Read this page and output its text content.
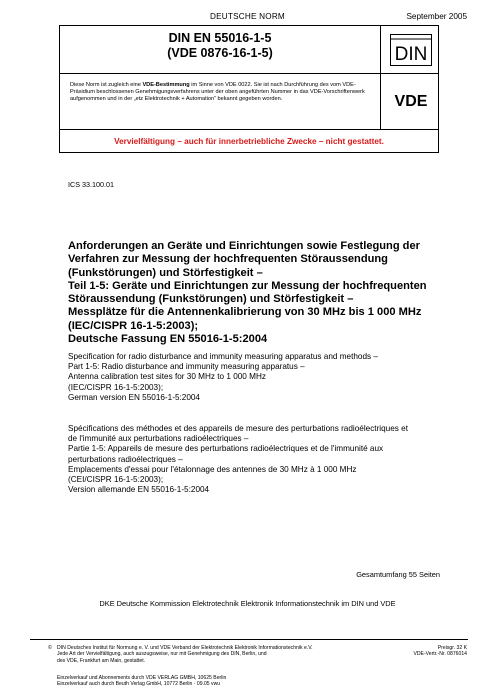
DEUTSCHE NORM	September 2005
DIN EN 55016-1-5
(VDE 0876-16-1-5)	DIN
Diese Norm ist zugleich eine VDE-Bestimmung im Sinne von VDE 0022. Sie ist nach Durchführung des vom VDE-Präsidium beschlossenen Genehmigungsverfahrens unter der oben angeführten Nummer in das VDE-Vorschriftenwerk aufgenommen und in der „etz Elektrotechnik + Automation“ bekannt gegeben worden.	VDE
Vervielfältigung – auch für innerbetriebliche Zwecke – nicht gestattet.
ICS 33.100.01
Anforderungen an Geräte und Einrichtungen sowie Festlegung der
Verfahren zur Messung der hochfrequenten Störaussendung
(Funkstörungen) und Störfestigkeit –
Teil 1-5: Geräte und Einrichtungen zur Messung der hochfrequenten
Störaussendung (Funkstörungen) und Störfestigkeit –
Messplätze für die Antennenkalibrierung von 30 MHz bis 1 000 MHz
(IEC/CISPR 16-1-5:2003);
Deutsche Fassung EN 55016-1-5:2004
Specification for radio disturbance and immunity measuring apparatus and methods –
Part 1-5: Radio disturbance and immunity measuring apparatus –
Antenna calibration test sites for 30 MHz to 1 000 MHz
(IEC/CISPR 16-1-5:2003);
German version EN 55016-1-5:2004
Spécifications des méthodes et des appareils de mesure des perturbations radioélectriques et
de l'immunité aux perturbations radioélectriques –
Partie 1-5: Appareils de mesure des perturbations radioélectriques et de l'immunité aux
perturbations radioélectriques –
Emplacements d'essai pour l'étalonnage des antennes de 30 MHz à 1 000 MHz
(CEI/CISPR 16-1-5:2003);
Version allemande EN 55016-1-5:2004
Gesamtumfang 55 Seiten
DKE Deutsche Kommission Elektrotechnik Elektronik Informationstechnik im DIN und VDE
© DIN Deutsches Institut für Normung e. V. und VDE Verband der Elektrotechnik Elektronik Informationstechnik e.V.
Jede Art der Vervielfältigung, auch auszugsweise, nur mit Genehmigung des DIN, Berlin, und
des VDE, Frankfurt am Main, gestattet.
Preisgr. 32 K
VDE-Vertr.-Nr. 0876014
Einzelverkauf und Abonnements durch VDE VERLAG GMBH, 10625 Berlin
Einzelverkauf auch durch Beuth Verlag GmbH, 10772 Berlin · 09.05 vwu
